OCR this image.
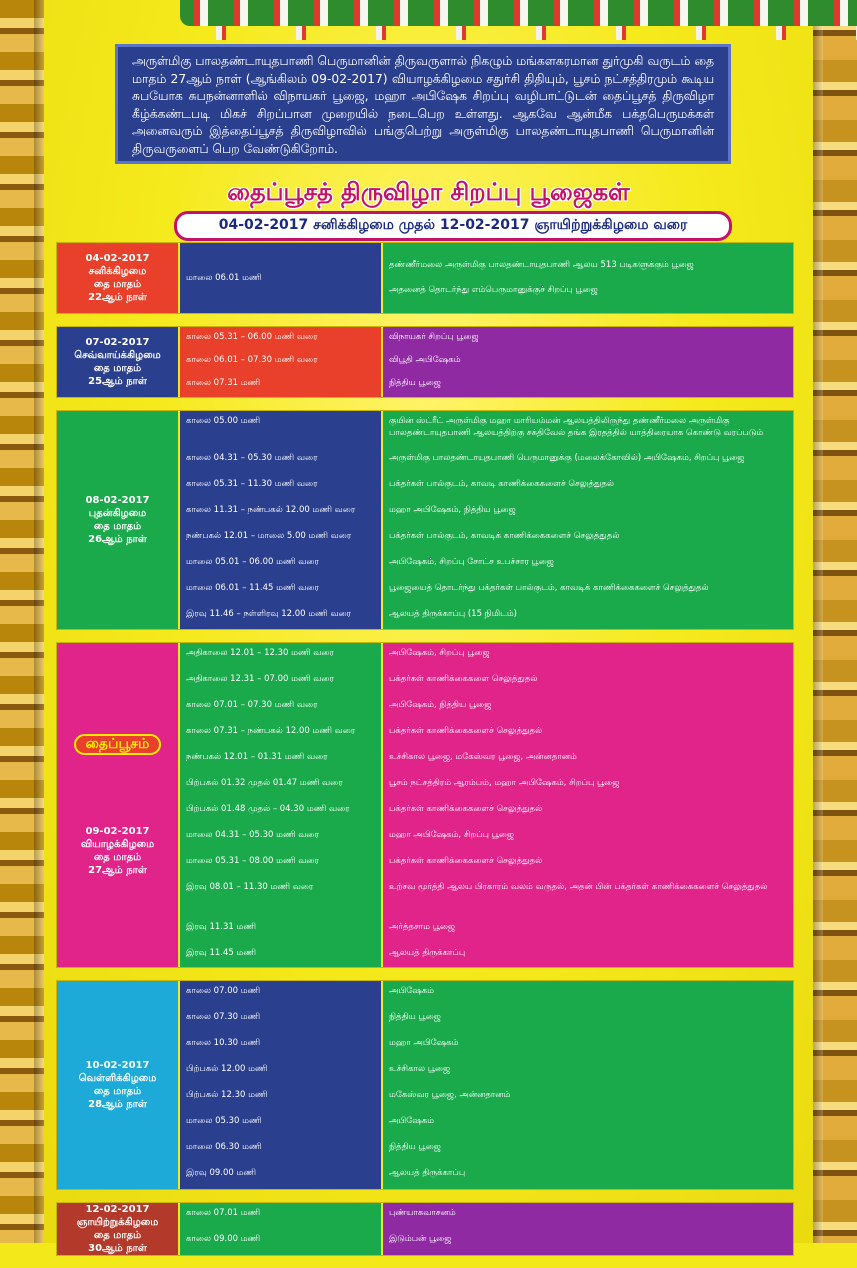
அருள்மிகு பாலதண்டாயுதபாணி பெருமானின் திருவருளால் நிகழும் மங்களகரமான துர்முகி வருடம் தை மாதம் 27ஆம் நாள் (ஆங்கிலம் 09-02-2017) வியாழக்கிழமை சதுர்சி திதியும், பூசம் நட்சத்திரமும் கூடிய சுபயோக சுபநன்னாளில் விநாயகர் பூஜை, மஹா அபிஷேக சிறப்பு வழிபாட்டுடன் தைப்பூசத் திருவிழா கீழ்க்கண்டபடி மிகச் சிறப்பான முறையில் நடைபெற உள்ளது. ஆகவே ஆன்மீக பக்தபெருமக்கள் அனைவரும் இத்தைப்பூசத் திருவிழாவில் பங்குபெற்று அருள்மிகு பாலதண்டாயுதபாணி பெருமானின் திருவருளைப் பெற வேண்டுகிறோம்.
தைப்பூசத் திருவிழா சிறப்பு பூஜைகள்
04-02-2017 சனிக்கிழமை முதல் 12-02-2017 ஞாயிற்றுக்கிழமை வரை
04-02-2017
சனிக்கிழமை
தை மாதம்
22ஆம் நாள்
மாலை 06.01 மணி
தண்ணீர்மலை அருள்மிகு பாலதண்டாயுதபாணி ஆலய 513 படிகளுக்கும் பூஜை
அதனைத் தொடர்ந்து எம்பெருமானுக்குச் சிறப்பு பூஜை
07-02-2017
செவ்வாய்க்கிழமை
தை மாதம்
25ஆம் நாள்
காலை 05.31 – 06.00 மணி வரை	விநாயகர் சிறப்பு பூஜை
காலை 06.01 – 07.30 மணி வரை	விபூதி அபிஷேகம்
காலை 07.31 மணி	நித்திய பூஜை
08-02-2017
புதன்கிழமை
தை மாதம்
26ஆம் நாள்
காலை 05.00 மணி	குயின் ஸ்ட்ரீட் அருள்மிகு மஹா மாரியம்மன் ஆலயத்திலிருந்து தண்ணீர்மலை அருள்மிகு பாலதண்டாயுதபாணி ஆலயத்திற்கு சக்திவேல் தங்க இரதத்தில் யாத்திரையாக கொண்டு வரப்படும்
காலை 04.31 – 05.30 மணி வரை	அருள்மிகு பாலதண்டாயுதபாணி பெருமானுக்கு (மலைக்கோவில்) அபிஷேகம், சிறப்பு பூஜை
காலை 05.31 – 11.30 மணி வரை	பக்தர்கள் பால்குடம், காவடி காணிக்கைகளைச் செலுத்துதல்
காலை 11.31 – நண்பகல் 12.00 மணி வரை	மஹா அபிஷேகம், நித்திய பூஜை
நண்பகல் 12.01 – மாலை 5.00 மணி வரை	பக்தர்கள் பால்குடம், காவடிக் காணிக்கைகளைச் செலுத்துதல்
மாலை 05.01 – 06.00 மணி வரை	அபிஷேகம், சிறப்பு சோட்ச உபச்சார பூஜை
மாலை 06.01 – 11.45 மணி வரை	பூஜையைத் தொடர்ந்து பக்தர்கள் பால்குடம், காவடிக் காணிக்கைகளைச் செலுத்துதல்
இரவு 11.46 – நள்ளிரவு 12.00 மணி வரை	ஆலயத் திருக்காப்பு (15 நிமிடம்)
தைப்பூசம்
09-02-2017
வியாழக்கிழமை
தை மாதம்
27ஆம் நாள்
அதிகாலை 12.01 – 12.30 மணி வரை	அபிஷேகம், சிறப்பு பூஜை
அதிகாலை 12.31 – 07.00 மணி வரை	பக்தர்கள் காணிக்கைகளை செலுத்துதல்
காலை 07.01 – 07.30 மணி வரை	அபிஷேகம், நித்திய பூஜை
காலை 07.31 – நண்பகல் 12.00 மணி வரை	பக்தர்கள் காணிக்கைகளைச் செலுத்துதல்
நண்பகல் 12.01 – 01.31 மணி வரை	உச்சிகால பூஜை, மகேஸ்வர பூஜை, அன்னதானம்
பிற்பகல் 01.32 முதல் 01.47 மணி வரை	பூசம் நட்சத்திரம் ஆரம்பம், மஹா அபிஷேகம், சிறப்பு பூஜை
பிற்பகல் 01.48 முதல் – 04.30 மணி வரை	பக்தர்கள் காணிக்கைகளைச் செலுத்துதல்
மாலை 04.31 – 05.30 மணி வரை	மஹா அபிஷேகம், சிறப்பு பூஜை
மாலை 05.31 – 08.00 மணி வரை	பக்தர்கள் காணிக்கைகளைச் செலுத்துதல்
இரவு 08.01 – 11.30 மணி வரை	உற்சவ மூர்த்தி ஆலய பிரகாரம் வலம் வருதல், அதன் பின் பக்தர்கள் காணிக்கைகளைச் செலுத்துதல்
இரவு 11.31 மணி	அர்த்தசாம பூஜை
இரவு 11.45 மணி	ஆலயத் திருக்காப்பு
10-02-2017
வெள்ளிக்கிழமை
தை மாதம்
28ஆம் நாள்
காலை 07.00 மணி	அபிஷேகம்
காலை 07.30 மணி	நித்திய பூஜை
காலை 10.30 மணி	மஹா அபிஷேகம்
பிற்பகல் 12.00 மணி	உச்சிகால பூஜை
பிற்பகல் 12.30 மணி	மகேஸ்வர பூஜை, அன்னதானம்
மாலை 05.30 மணி	அபிஷேகம்
மாலை 06.30 மணி	நித்திய பூஜை
இரவு 09.00 மணி	ஆலயத் திருக்காப்பு
12-02-2017
ஞாயிற்றுக்கிழமை
தை மாதம்
30ஆம் நாள்
காலை 07.01 மணி	புண்யாகவாசனம்
காலை 09.00 மணி	இடும்பன் பூஜை
